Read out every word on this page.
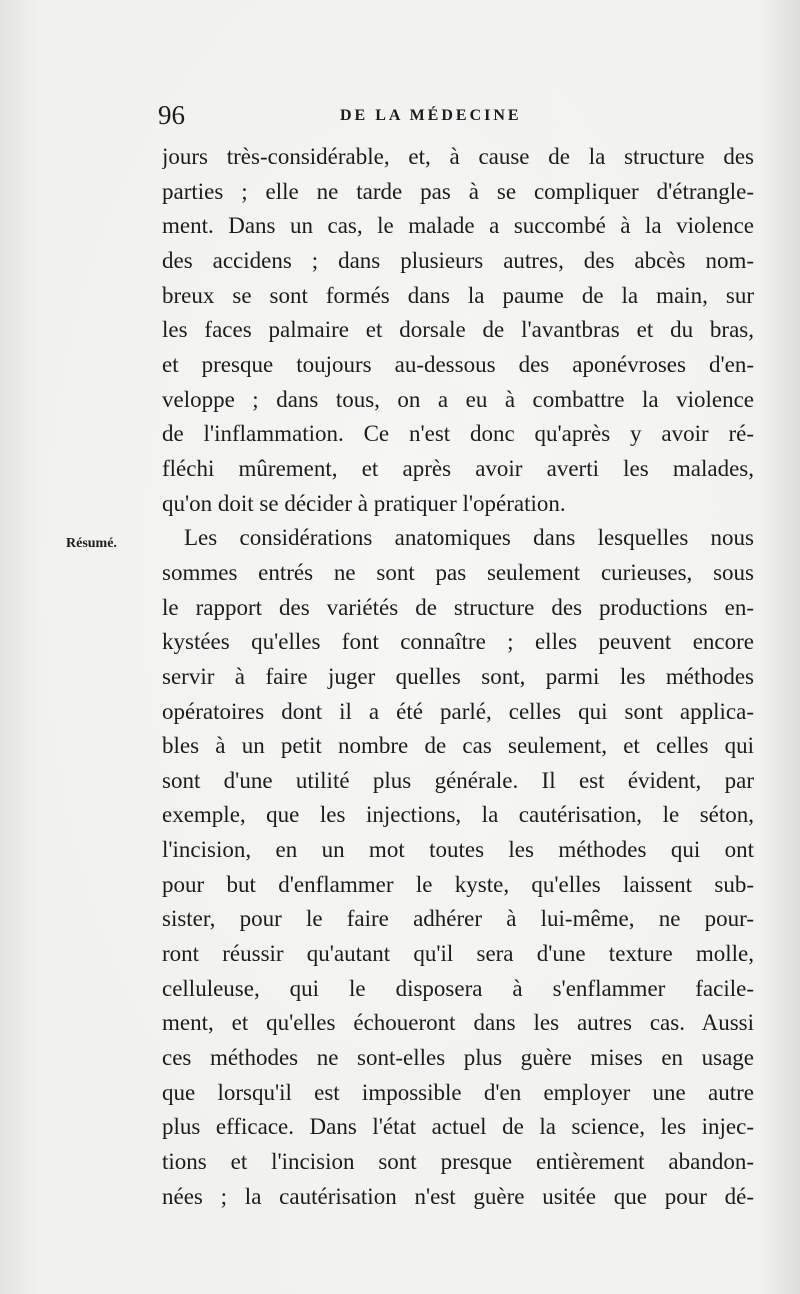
96	DE LA MÉDECINE
Résumé.
jours très-considérable, et, à cause de la structure des
parties ; elle ne tarde pas à se compliquer d'étrangle-
ment. Dans un cas, le malade a succombé à la violence
des accidens ; dans plusieurs autres, des abcès nom-
breux se sont formés dans la paume de la main, sur
les faces palmaire et dorsale de l'avantbras et du bras,
et presque toujours au-dessous des aponévroses d'en-
veloppe ; dans tous, on a eu à combattre la violence
de l'inflammation. Ce n'est donc qu'après y avoir ré-
fléchi mûrement, et après avoir averti les malades,
qu'on doit se décider à pratiquer l'opération.
Les considérations anatomiques dans lesquelles nous
sommes entrés ne sont pas seulement curieuses, sous
le rapport des variétés de structure des productions en-
kystées qu'elles font connaître ; elles peuvent encore
servir à faire juger quelles sont, parmi les méthodes
opératoires dont il a été parlé, celles qui sont applica-
bles à un petit nombre de cas seulement, et celles qui
sont d'une utilité plus générale. Il est évident, par
exemple, que les injections, la cautérisation, le séton,
l'incision, en un mot toutes les méthodes qui ont
pour but d'enflammer le kyste, qu'elles laissent sub-
sister, pour le faire adhérer à lui-même, ne pour-
ront réussir qu'autant qu'il sera d'une texture molle,
celluleuse, qui le disposera à s'enflammer facile-
ment, et qu'elles échoueront dans les autres cas. Aussi
ces méthodes ne sont-elles plus guère mises en usage
que lorsqu'il est impossible d'en employer une autre
plus efficace. Dans l'état actuel de la science, les injec-
tions et l'incision sont presque entièrement abandon-
nées ; la cautérisation n'est guère usitée que pour dé-
